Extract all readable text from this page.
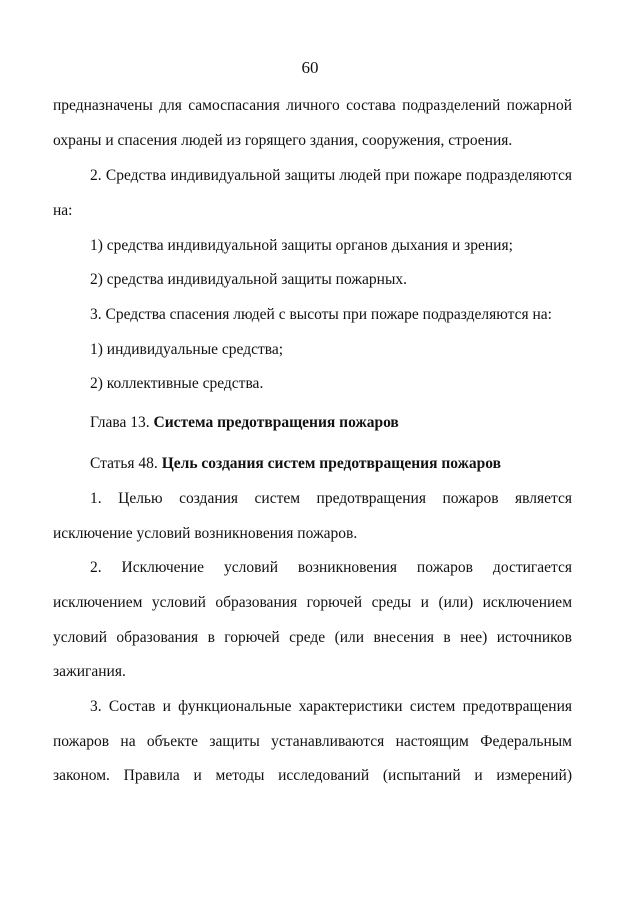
60
предназначены для самоспасания личного состава подразделений пожарной
охраны и спасения людей из горящего здания, сооружения, строения.
2. Средства индивидуальной защиты людей при пожаре подразделяются
на:
1) средства индивидуальной защиты органов дыхания и зрения;
2) средства индивидуальной защиты пожарных.
3. Средства спасения людей с высоты при пожаре подразделяются на:
1) индивидуальные средства;
2) коллективные средства.
Глава 13. Система предотвращения пожаров
Статья 48. Цель создания систем предотвращения пожаров
1. Целью создания систем предотвращения пожаров является
исключение условий возникновения пожаров.
2. Исключение условий возникновения пожаров достигается
исключением условий образования горючей среды и (или) исключением
условий образования в горючей среде (или внесения в нее) источников
зажигания.
3. Состав и функциональные характеристики систем предотвращения
пожаров на объекте защиты устанавливаются настоящим Федеральным
законом. Правила и методы исследований (испытаний и измерений)
